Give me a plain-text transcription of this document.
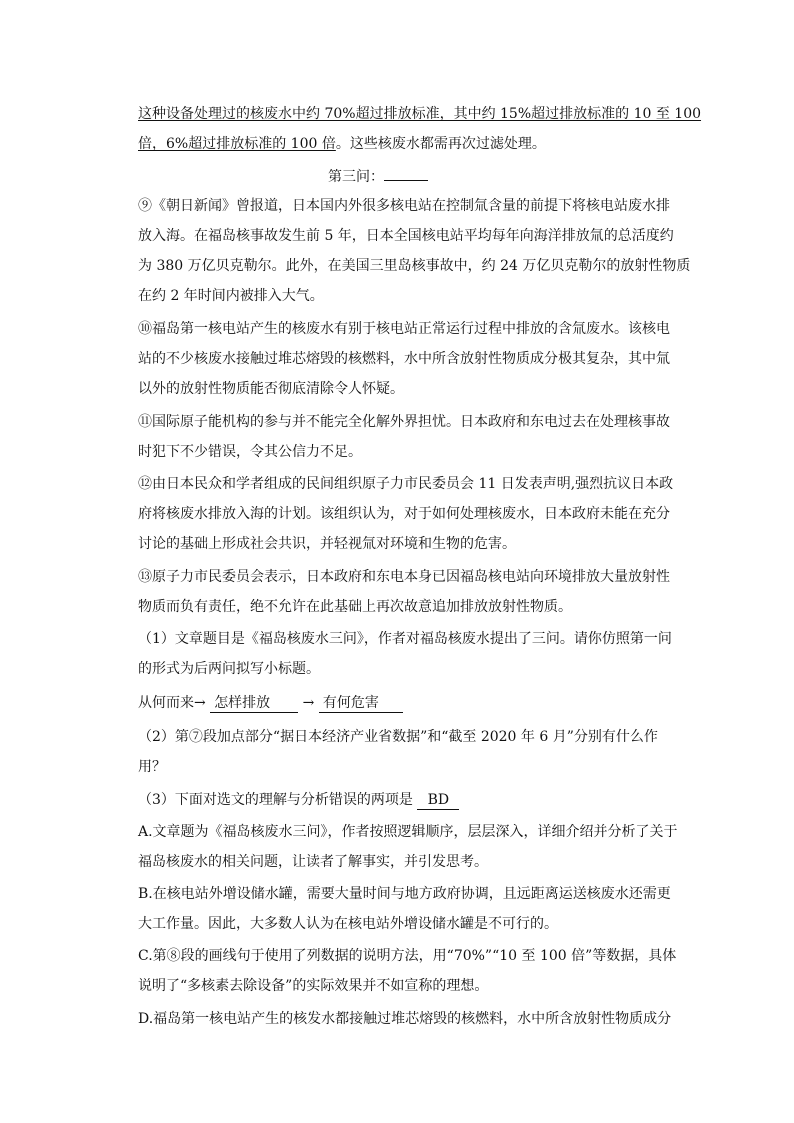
这种设备处理过的核废水中约 70%超过排放标准，其中约 15%超过排放标准的 10 至 100
倍，6%超过排放标准的 100 倍。这些核废水都需再次过滤处理。
第三问：
⑨《朝日新闻》曾报道，日本国内外很多核电站在控制氚含量的前提下将核电站废水排
放入海。在福岛核事故发生前 5 年，日本全国核电站平均每年向海洋排放氚的总活度约
为 380 万亿贝克勒尔。此外，在美国三里岛核事故中，约 24 万亿贝克勒尔的放射性物质
在约 2 年时间内被排入大气。
⑩福岛第一核电站产生的核废水有别于核电站正常运行过程中排放的含氚废水。该核电
站的不少核废水接触过堆芯熔毁的核燃料，水中所含放射性物质成分极其复杂，其中氚
以外的放射性物质能否彻底清除令人怀疑。
⑪国际原子能机构的参与并不能完全化解外界担忧。日本政府和东电过去在处理核事故
时犯下不少错误，令其公信力不足。
⑫由日本民众和学者组成的民间组织原子力市民委员会 11 日发表声明,强烈抗议日本政
府将核废水排放入海的计划。该组织认为，对于如何处理核废水，日本政府未能在充分
讨论的基础上形成社会共识，并轻视氚对环境和生物的危害。
⑬原子力市民委员会表示，日本政府和东电本身已因福岛核电站向环境排放大量放射性
物质而负有责任，绝不允许在此基础上再次故意追加排放放射性物质。
（1）文章题目是《福岛核废水三问》，作者对福岛核废水提出了三问。请你仿照第一问
的形式为后两问拟写小标题。
从何而来→ 怎样排放 → 有何危害
（2）第⑦段加点部分“据日本经济产业省数据”和“截至 2020 年 6 月”分别有什么作
用？
（3）下面对选文的理解与分析错误的两项是 BD
A.文章题为《福岛核废水三问》，作者按照逻辑顺序，层层深入，详细介绍并分析了关于
福岛核废水的相关问题，让读者了解事实，并引发思考。
B.在核电站外增设储水罐，需要大量时间与地方政府协调，且远距离运送核废水还需更
大工作量。因此，大多数人认为在核电站外增设储水罐是不可行的。
C.第⑧段的画线句于使用了列数据的说明方法，用“70%”“10 至 100 倍”等数据，具体
说明了“多核素去除设备”的实际效果并不如宣称的理想。
D.福岛第一核电站产生的核发水都接触过堆芯熔毁的核燃料，水中所含放射性物质成分
